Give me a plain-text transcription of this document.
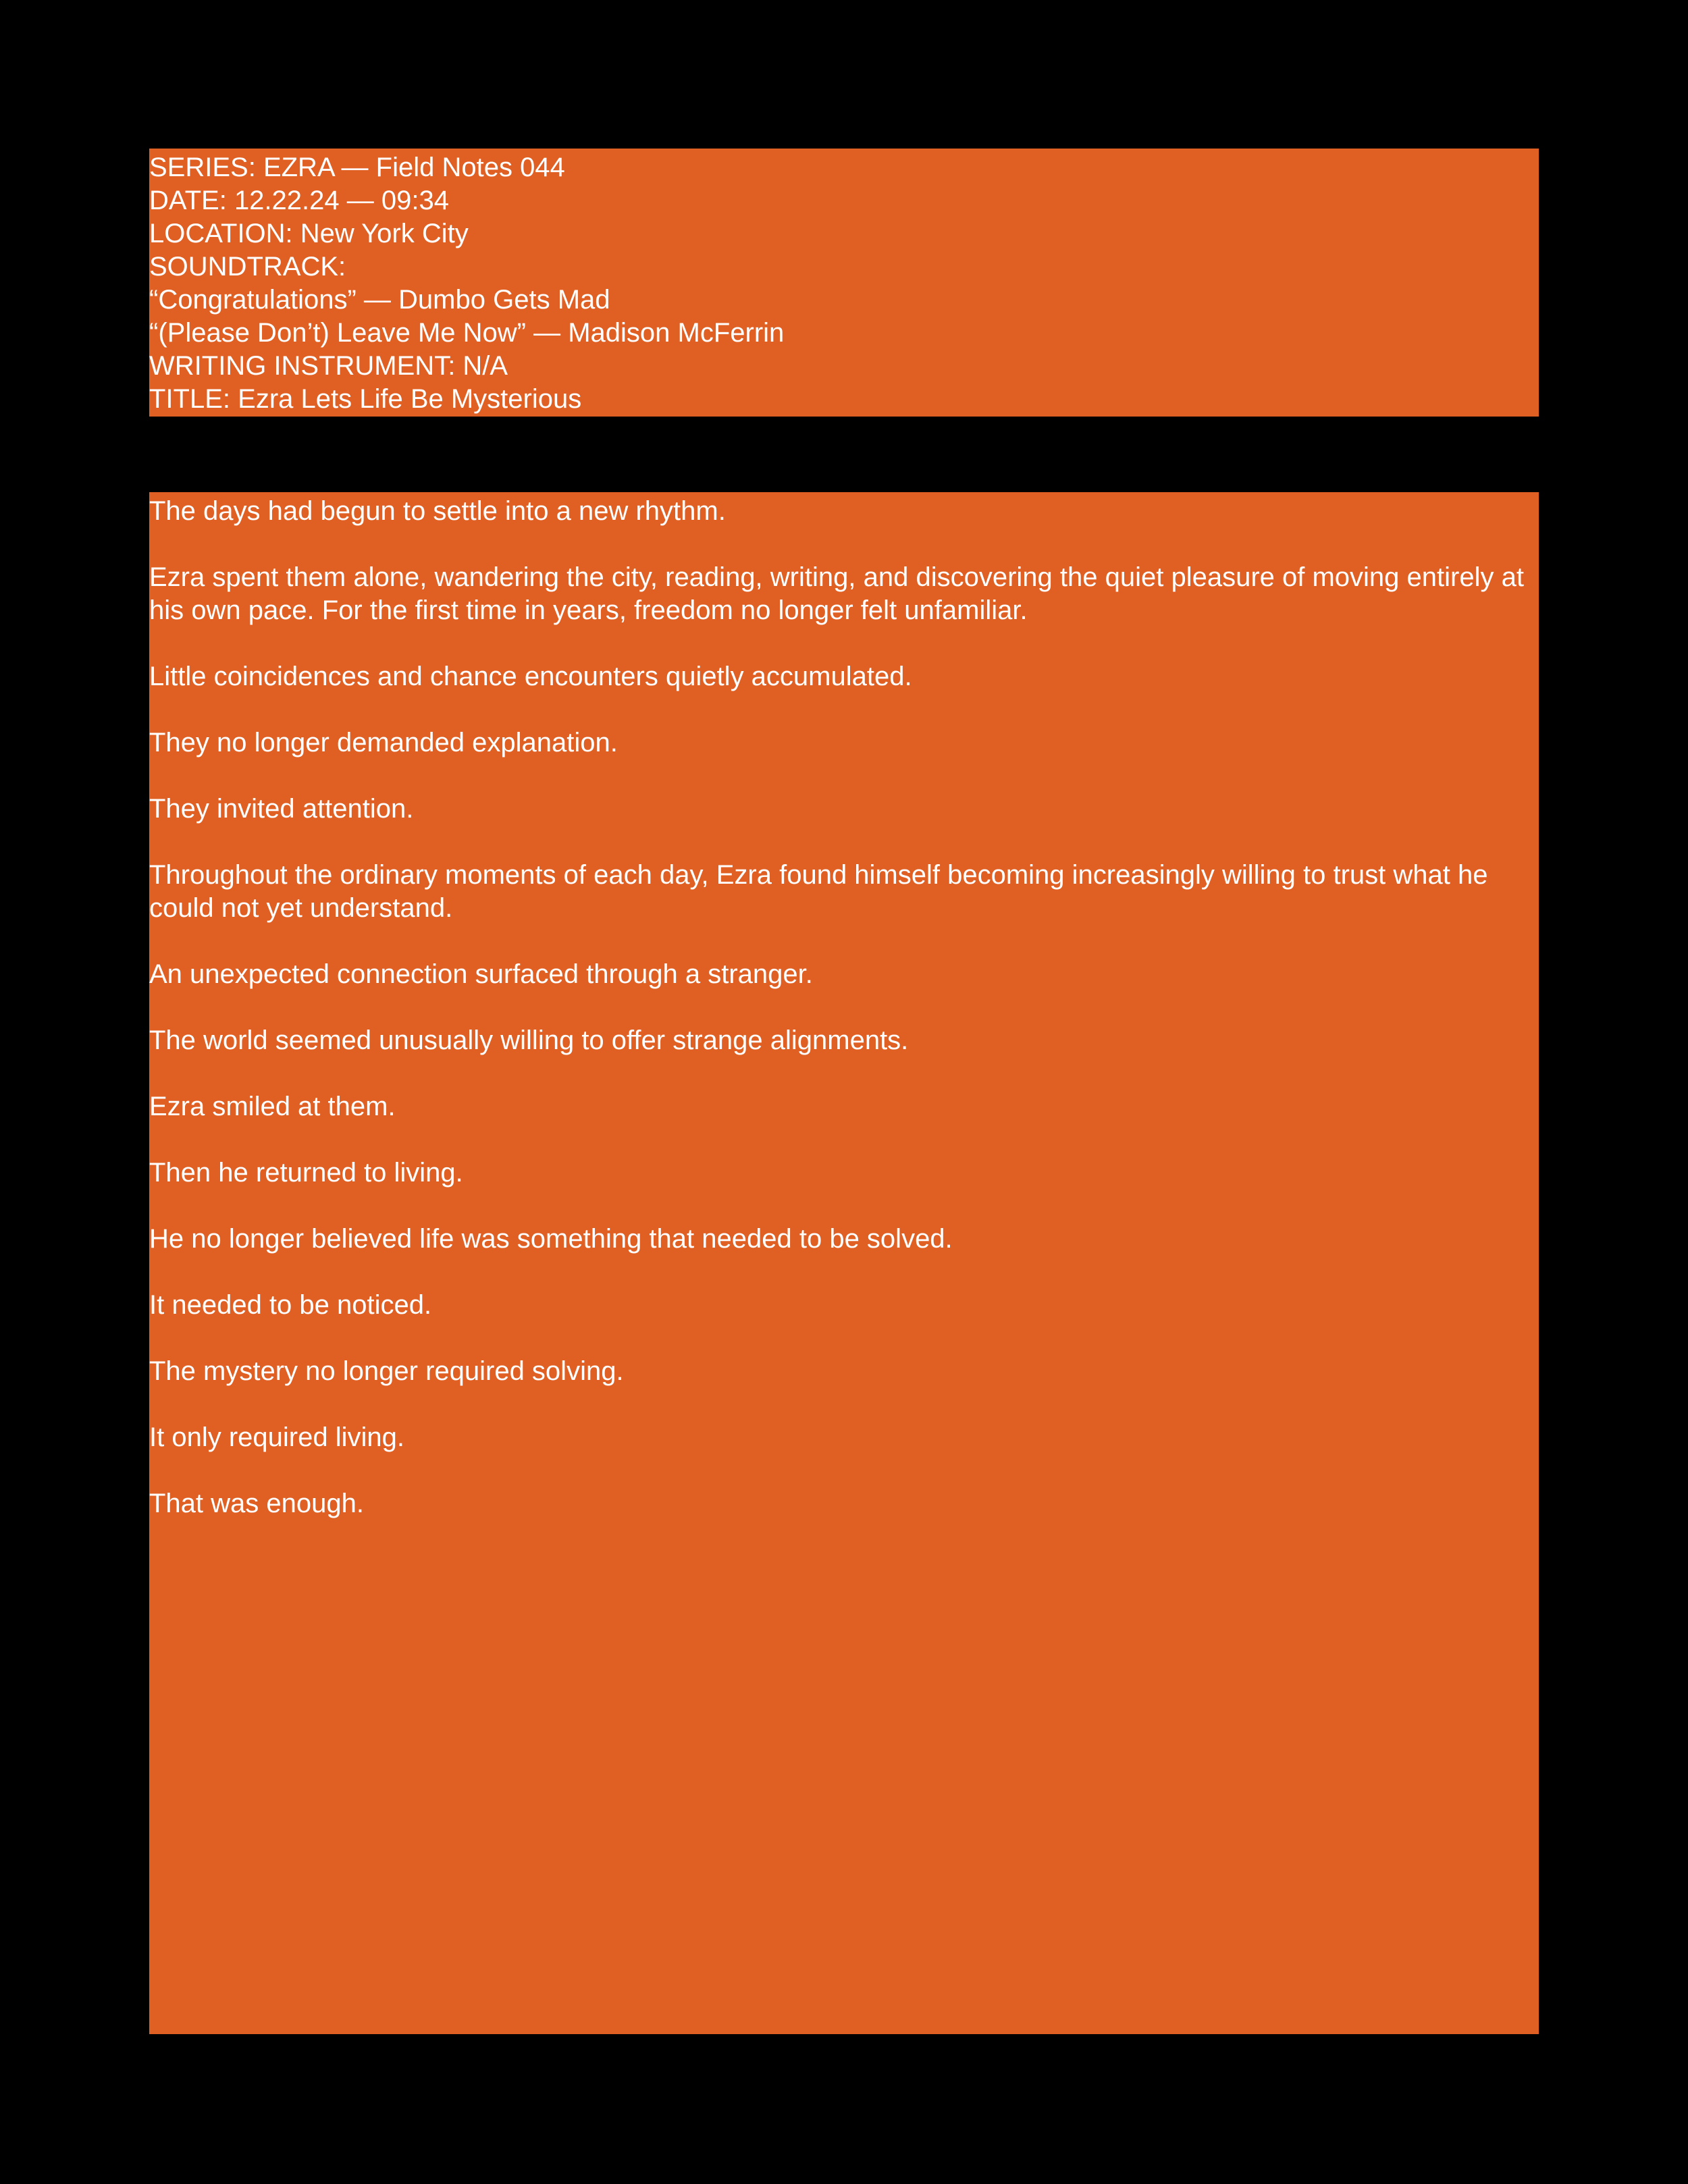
SERIES: EZRA — Field Notes 044

DATE: 12.22.24 — 09:34

LOCATION: New York City

SOUNDTRACK:

“Congratulations” — Dumbo Gets Mad

“(Please Don’t) Leave Me Now” — Madison McFerrin

WRITING INSTRUMENT: N/A

TITLE: Ezra Lets Life Be Mysterious

The days had begun to settle into a new rhythm.

Ezra spent them alone, wandering the city, reading, writing, and discovering the quiet pleasure of moving entirely at his own pace. For the first time in years, freedom no longer felt unfamiliar.

Little coincidences and chance encounters quietly accumulated.

They no longer demanded explanation.

They invited attention.

Throughout the ordinary moments of each day, Ezra found himself becoming increasingly willing to trust what he could not yet understand.

An unexpected connection surfaced through a stranger.

The world seemed unusually willing to offer strange alignments.

Ezra smiled at them.

Then he returned to living.

He no longer believed life was something that needed to be solved.

It needed to be noticed.

The mystery no longer required solving.

It only required living.

That was enough.
